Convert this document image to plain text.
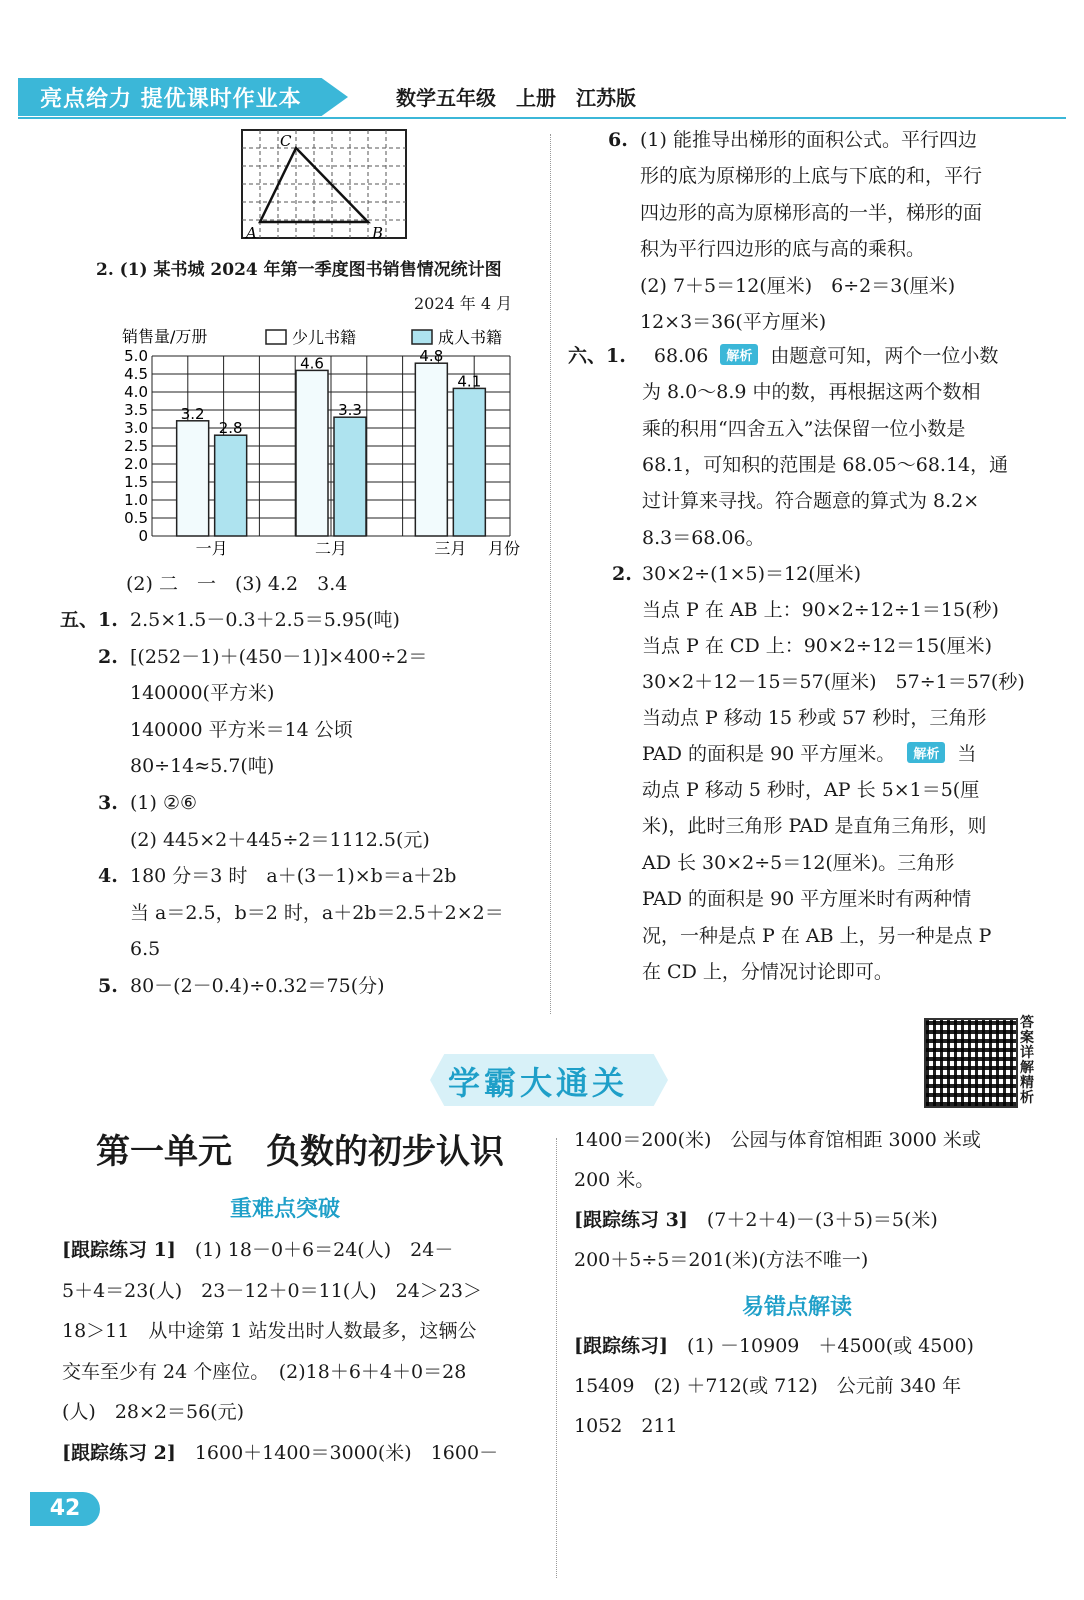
亮点给力 提优课时作业本	数学五年级　上册　江苏版
C
A	B
2. (1) 某书城 2024 年第一季度图书销售情况统计图
2024 年 4 月
销售量/万册	少儿书籍	成人书籍
0
0.5
1.0
1.5
2.0
2.5
3.0
3.5
4.0
4.5
5.0
3.2
2.8
一月
4.6
3.3
二月
4.8
4.1
三月 月份
(2) 二　一　(3) 4.2　3.4
五、1. 2.5×1.5－0.3＋2.5＝5.95(吨)
2. [(252－1)＋(450－1)]×400÷2＝
140000(平方米)
140000 平方米＝14 公顷
80÷14≈5.7(吨)
3. (1) ②⑥
(2) 445×2＋445÷2＝1112.5(元)
4. 180 分＝3 时　a＋(3－1)×b＝a＋2b
当 a＝2.5，b＝2 时，a＋2b＝2.5＋2×2＝
6.5
5. 80－(2－0.4)÷0.32＝75(分)
6. (1) 能推导出梯形的面积公式。平行四边
形的底为原梯形的上底与下底的和，平行
四边形的高为原梯形高的一半，梯形的面
积为平行四边形的底与高的乘积。
(2) 7＋5＝12(厘米)　6÷2＝3(厘米)
12×3＝36(平方厘米)
六、1. 68.06 解析 由题意可知，两个一位小数
为 8.0～8.9 中的数，再根据这两个数相
乘的积用“四舍五入”法保留一位小数是
68.1，可知积的范围是 68.05～68.14，通
过计算来寻找。符合题意的算式为 8.2×
8.3＝68.06。
2. 30×2÷(1×5)＝12(厘米)
当点 P 在 AB 上：90×2÷12÷1＝15(秒)
当点 P 在 CD 上：90×2÷12＝15(厘米)
30×2＋12－15＝57(厘米)　57÷1＝57(秒)
当动点 P 移动 15 秒或 57 秒时，三角形
PAD 的面积是 90 平方厘米。 解析 当
动点 P 移动 5 秒时，AP 长 5×1＝5(厘
米)，此时三角形 PAD 是直角三角形，则
AD 长 30×2÷5＝12(厘米)。三角形
PAD 的面积是 90 平方厘米时有两种情
况，一种是点 P 在 AB 上，另一种是点 P
在 CD 上，分情况讨论即可。
答案详解精析
学霸大通关
第一单元　负数的初步认识
重难点突破
[跟踪练习 1]　(1) 18－0＋6＝24(人)　24－
5＋4＝23(人)　23－12＋0＝11(人)　24＞23＞
18＞11　从中途第 1 站发出时人数最多，这辆公
交车至少有 24 个座位。　(2)18＋6＋4＋0＝28
(人)　28×2＝56(元)
[跟踪练习 2]　1600＋1400＝3000(米)　1600－
1400＝200(米)　公园与体育馆相距 3000 米或
200 米。
[跟踪练习 3]　(7＋2＋4)－(3＋5)＝5(米)
200＋5÷5＝201(米)(方法不唯一)
易错点解读
[跟踪练习]　(1) －10909　＋4500(或 4500)
15409　(2) ＋712(或 712)　公元前 340 年
1052　211
42
